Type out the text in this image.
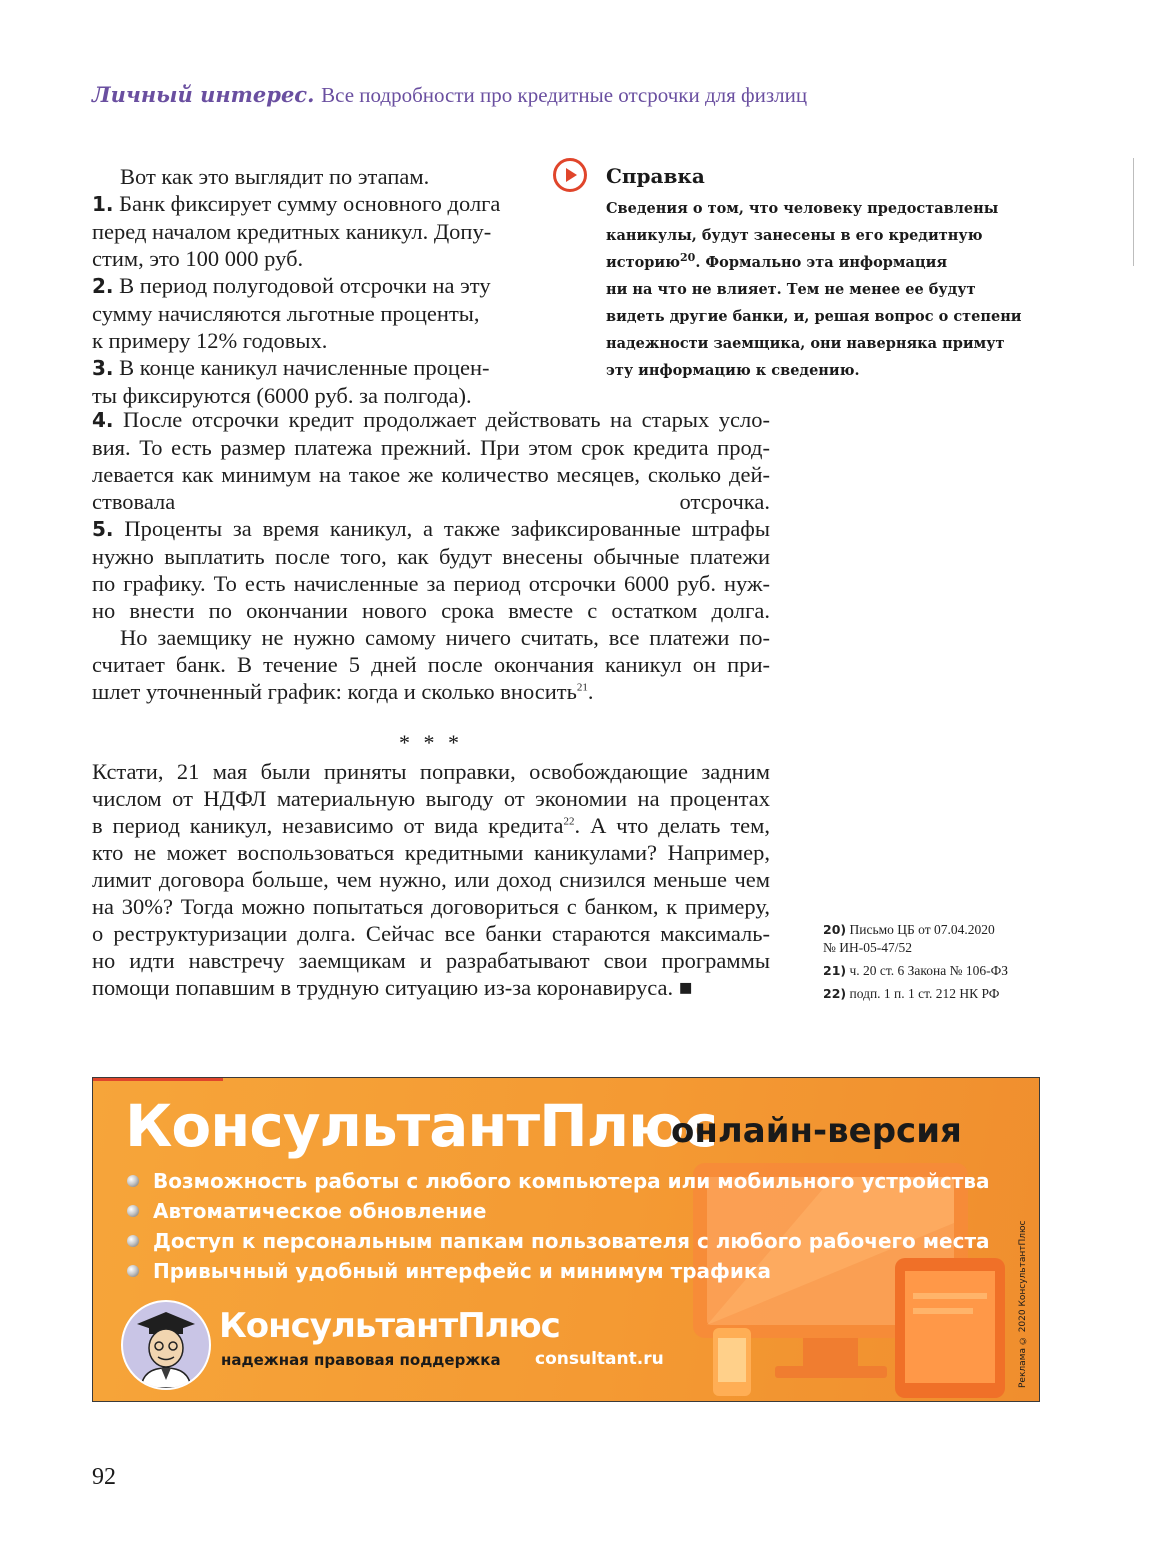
Личный интерес. Все подробности про кредитные отсрочки для физлиц
Вот как это выглядит по этапам.
1. Банк фиксирует сумму основного долга
перед началом кредитных каникул. Допу-
стим, это 100 000 руб.
2. В период полугодовой отсрочки на эту
сумму начисляются льготные проценты,
к примеру 12% годовых.
3. В конце каникул начисленные процен-
ты фиксируются (6000 руб. за полгода).
Справка
Сведения о том, что человеку предоставлены
каникулы, будут занесены в его кредитную
историю$^{20}$. Формально эта информация
ни на что не влияет. Тем не менее ее будут
видеть другие банки, и, решая вопрос о степени
надежности заемщика, они наверняка примут
эту информацию к сведению.
4. После отсрочки кредит продолжает действовать на старых усло-
вия. То есть размер платежа прежний. При этом срок кредита прод-
левается как минимум на такое же количество месяцев, сколько дей-
ствовала отсрочка.
5. Проценты за время каникул, а также зафиксированные штрафы
нужно выплатить после того, как будут внесены обычные платежи
по графику. То есть начисленные за период отсрочки 6000 руб. нуж-
но внести по окончании нового срока вместе с остатком долга.
Но заемщику не нужно самому ничего считать, все платежи по-
считает банк. В течение 5 дней после окончания каникул он при-
шлет уточненный график: когда и сколько вносить$^{21}$.
* * *
Кстати, 21 мая были приняты поправки, освобождающие задним
числом от НДФЛ материальную выгоду от экономии на процентах
в период каникул, независимо от вида кредита$^{22}$. А что делать тем,
кто не может воспользоваться кредитными каникулами? Например,
лимит договора больше, чем нужно, или доход снизился меньше чем
на 30%? Тогда можно попытаться договориться с банком, к примеру,
о реструктуризации долга. Сейчас все банки стараются максималь-
но идти навстречу заемщикам и разрабатывают свои программы
помощи попавшим в трудную ситуацию из-за коронавируса. ■
20) Письмо ЦБ от 07.04.2020
№ ИН-05-47/52
21) ч. 20 ст. 6 Закона № 106-ФЗ
22) подп. 1 п. 1 ст. 212 НК РФ
КонсультантПлюс
онлайн-версия
Возможность работы с любого компьютера или мобильного устройства
Автоматическое обновление
Доступ к персональным папкам пользователя с любого рабочего места
Привычный удобный интерфейс и минимум трафика
КонсультантПлюс
надежная правовая поддержка consultant.ru	Реклама © 2020 КонсультантПлюс
92
